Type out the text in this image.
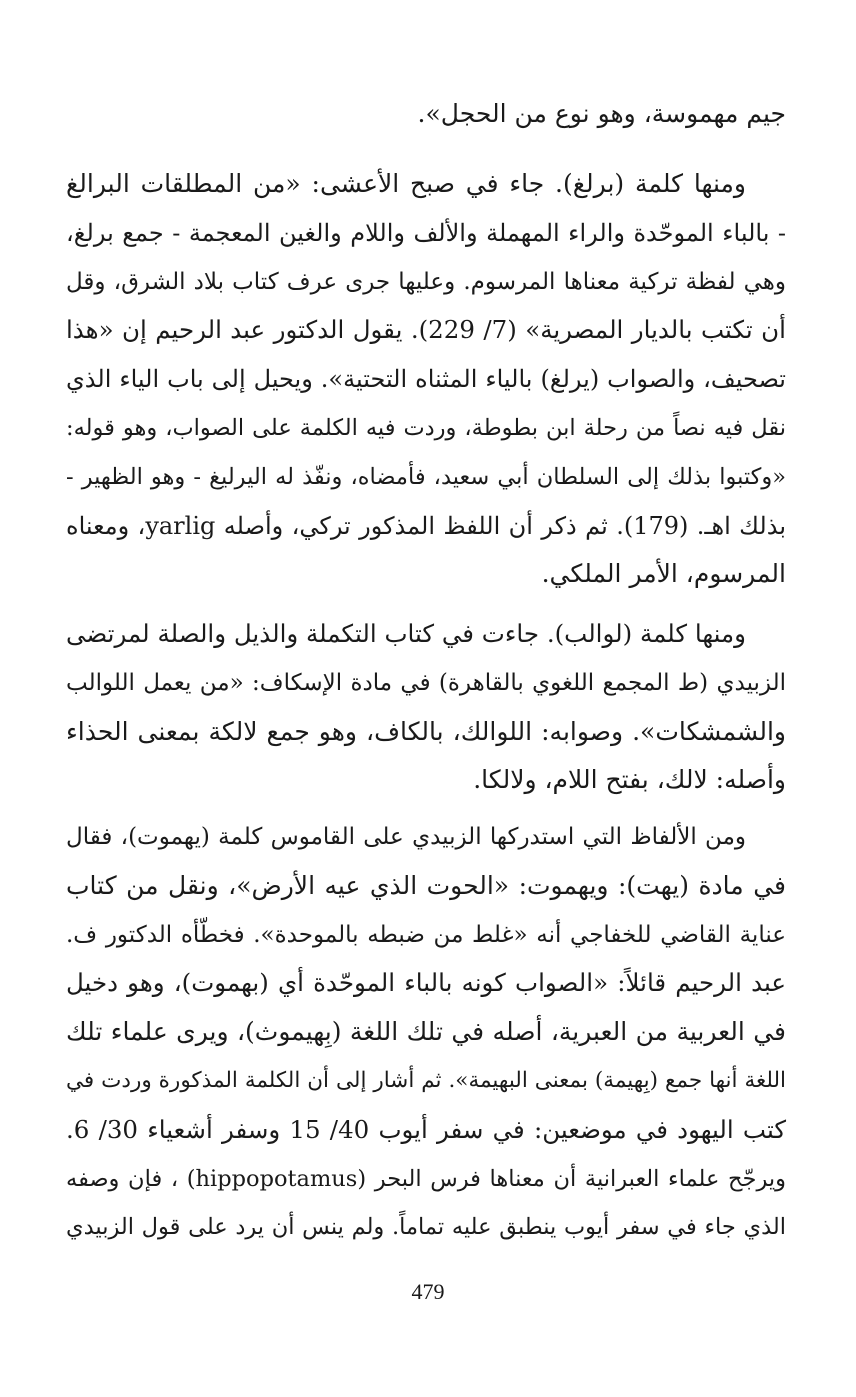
جيم مهموسة، وهو نوع من الحجل».
ومنها كلمة (برلغ). جاء في صبح الأعشى: «من المطلقات البرالغ
- بالباء الموحّدة والراء المهملة والألف واللام والغين المعجمة - جمع برلغ،
وهي لفظة تركية معناها المرسوم. وعليها جرى عرف كتاب بلاد الشرق، وقل
أن تكتب بالديار المصرية» (7/ 229). يقول الدكتور عبد الرحيم إن «هذا
تصحيف، والصواب (يرلغ) بالياء المثناه التحتية». ويحيل إلى باب الياء الذي
نقل فيه نصاً من رحلة ابن بطوطة، وردت فيه الكلمة على الصواب، وهو قوله:
«وكتبوا بذلك إلى السلطان أبي سعيد، فأمضاه، ونفّذ له اليرليغ - وهو الظهير -
بذلك اهـ. (179). ثم ذكر أن اللفظ المذكور تركي، وأصله yarlig، ومعناه
المرسوم، الأمر الملكي.
ومنها كلمة (لوالب). جاءت في كتاب التكملة والذيل والصلة لمرتضى
الزبيدي (ط المجمع اللغوي بالقاهرة) في مادة الإسكاف: «من يعمل اللوالب
والشمشكات». وصوابه: اللوالك، بالكاف، وهو جمع لالكة بمعنى الحذاء
وأصله: لالك، بفتح اللام، ولالكا.
ومن الألفاظ التي استدركها الزبيدي على القاموس كلمة (يهموت)، فقال
في مادة (يهت): ويهموت: «الحوت الذي عيه الأرض»، ونقل من كتاب
عناية القاضي للخفاجي أنه «غلط من ضبطه بالموحدة». فخطّأه الدكتور ف.
عبد الرحيم قائلاً: «الصواب كونه بالباء الموحّدة أي (بهموت)، وهو دخيل
في العربية من العبرية، أصله في تلك اللغة (بِهيموث)، ويرى علماء تلك
اللغة أنها جمع (بِهيمة) بمعنى البهيمة». ثم أشار إلى أن الكلمة المذكورة وردت في
كتب اليهود في موضعين: في سفر أيوب 40/ 15 وسفر أشعياء 30/ 6.
ويرجّح علماء العبرانية أن معناها فرس البحر (hippopotamus) ، فإن وصفه
الذي جاء في سفر أيوب ينطبق عليه تماماً. ولم ينس أن يرد على قول الزبيدي
479
